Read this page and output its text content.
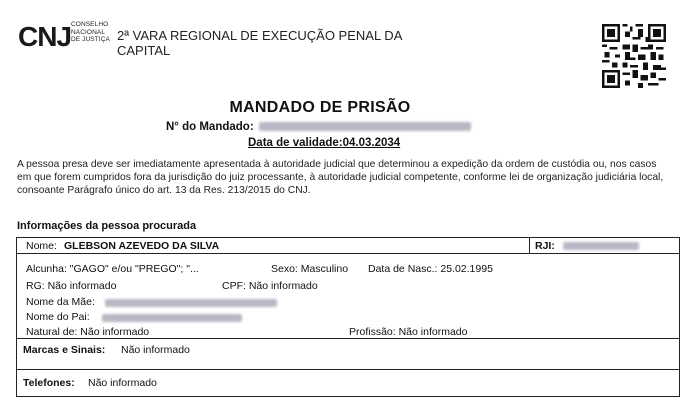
CNJ CONSELHO
NACIONAL
DE JUSTIÇA 2ª VARA REGIONAL DE EXECUÇÃO PENAL DA
CAPITAL
MANDADO DE PRISÃO
N° do Mandado:
Data de validade:04.03.2034
A pessoa presa deve ser imediatamente apresentada à autoridade judicial que determinou a expedição da ordem de custódia ou, nos casos em que forem cumpridos fora da jurisdição do juiz processante, à autoridade judicial competente, conforme lei de organização judiciária local, consoante Parágrafo único do art. 13 da Res. 213/2015 do CNJ.
Informações da pessoa procurada
Nome: GLEBSON AZEVEDO DA SILVA	RJI:
Alcunha: "GAGO" e/ou "PREGO"; "...	Sexo: Masculino Data de Nasc.: 25.02.1995
RG: Não informado	CPF: Não informado
Nome da Mãe:
Nome do Pai:
Natural de: Não informado	Profissão: Não informado
Marcas e Sinais: Não informado
Telefones: Não informado
